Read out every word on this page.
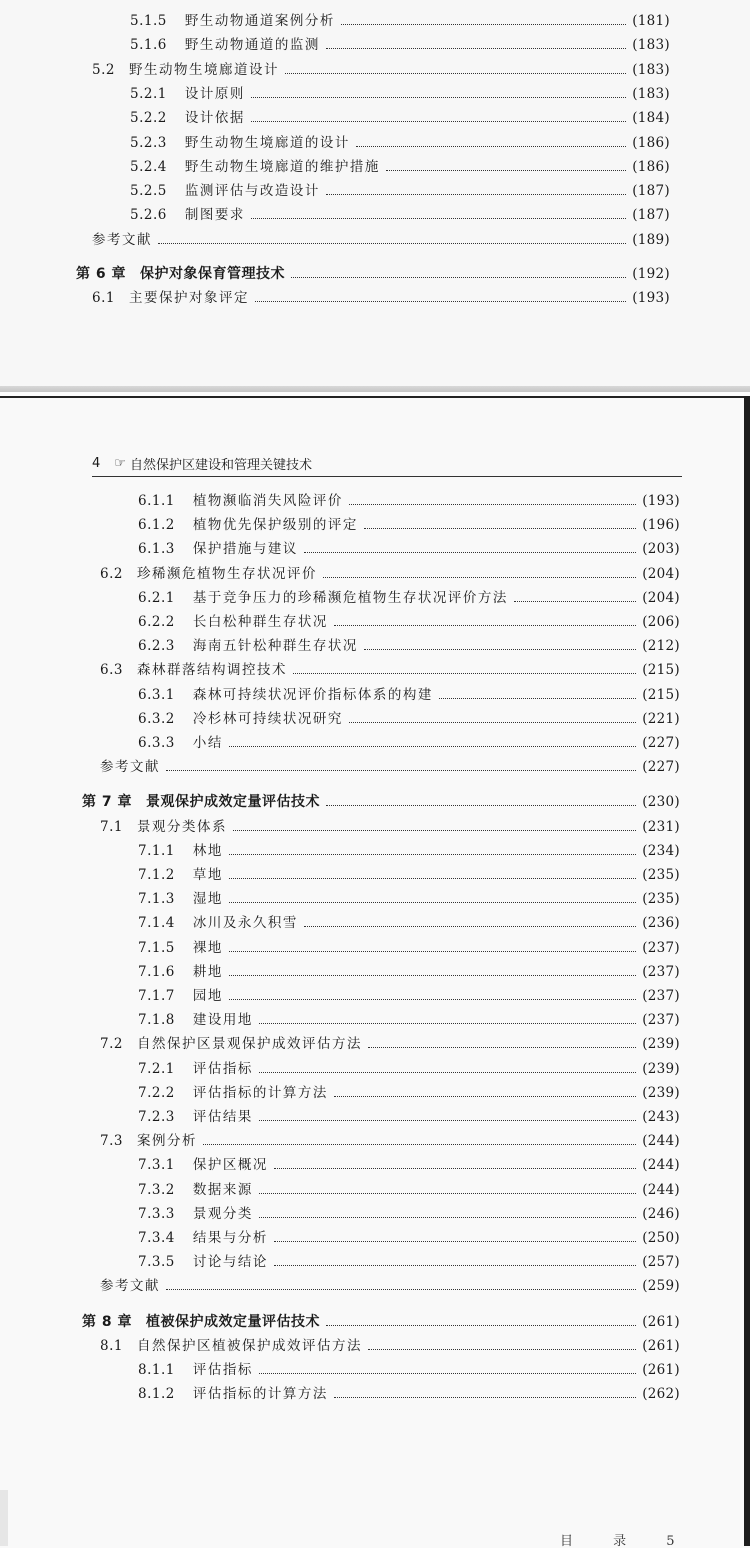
4 ☞ 自然保护区建设和管理关键技术
5.1.5 野生动物通道案例分析	(181)
5.1.6 野生动物通道的监测	(183)
5.2 野生动物生境廊道设计	(183)
5.2.1 设计原则	(183)
5.2.2 设计依据	(184)
5.2.3 野生动物生境廊道的设计	(186)
5.2.4 野生动物生境廊道的维护措施	(186)
5.2.5 监测评估与改造设计	(187)
5.2.6 制图要求	(187)
参考文献	(189)
第 6 章 保护对象保育管理技术	(192)
6.1 主要保护对象评定	(193)
6.1.1 植物濒临消失风险评价	(193)
6.1.2 植物优先保护级别的评定	(196)
6.1.3 保护措施与建议	(203)
6.2 珍稀濒危植物生存状况评价	(204)
6.2.1 基于竞争压力的珍稀濒危植物生存状况评价方法	(204)
6.2.2 长白松种群生存状况	(206)
6.2.3 海南五针松种群生存状况	(212)
6.3 森林群落结构调控技术	(215)
6.3.1 森林可持续状况评价指标体系的构建	(215)
6.3.2 冷杉林可持续状况研究	(221)
6.3.3 小结	(227)
参考文献	(227)
第 7 章 景观保护成效定量评估技术	(230)
7.1 景观分类体系	(231)
7.1.1 林地	(234)
7.1.2 草地	(235)
7.1.3 湿地	(235)
7.1.4 冰川及永久积雪	(236)
7.1.5 裸地	(237)
7.1.6 耕地	(237)
7.1.7 园地	(237)
7.1.8 建设用地	(237)
7.2 自然保护区景观保护成效评估方法	(239)
7.2.1 评估指标	(239)
7.2.2 评估指标的计算方法	(239)
7.2.3 评估结果	(243)
7.3 案例分析	(244)
7.3.1 保护区概况	(244)
7.3.2 数据来源	(244)
7.3.3 景观分类	(246)
7.3.4 结果与分析	(250)
7.3.5 讨论与结论	(257)
参考文献	(259)
第 8 章 植被保护成效定量评估技术	(261)
8.1 自然保护区植被保护成效评估方法	(261)
8.1.1 评估指标	(261)
8.1.2 评估指标的计算方法	(262)
目 录 5
